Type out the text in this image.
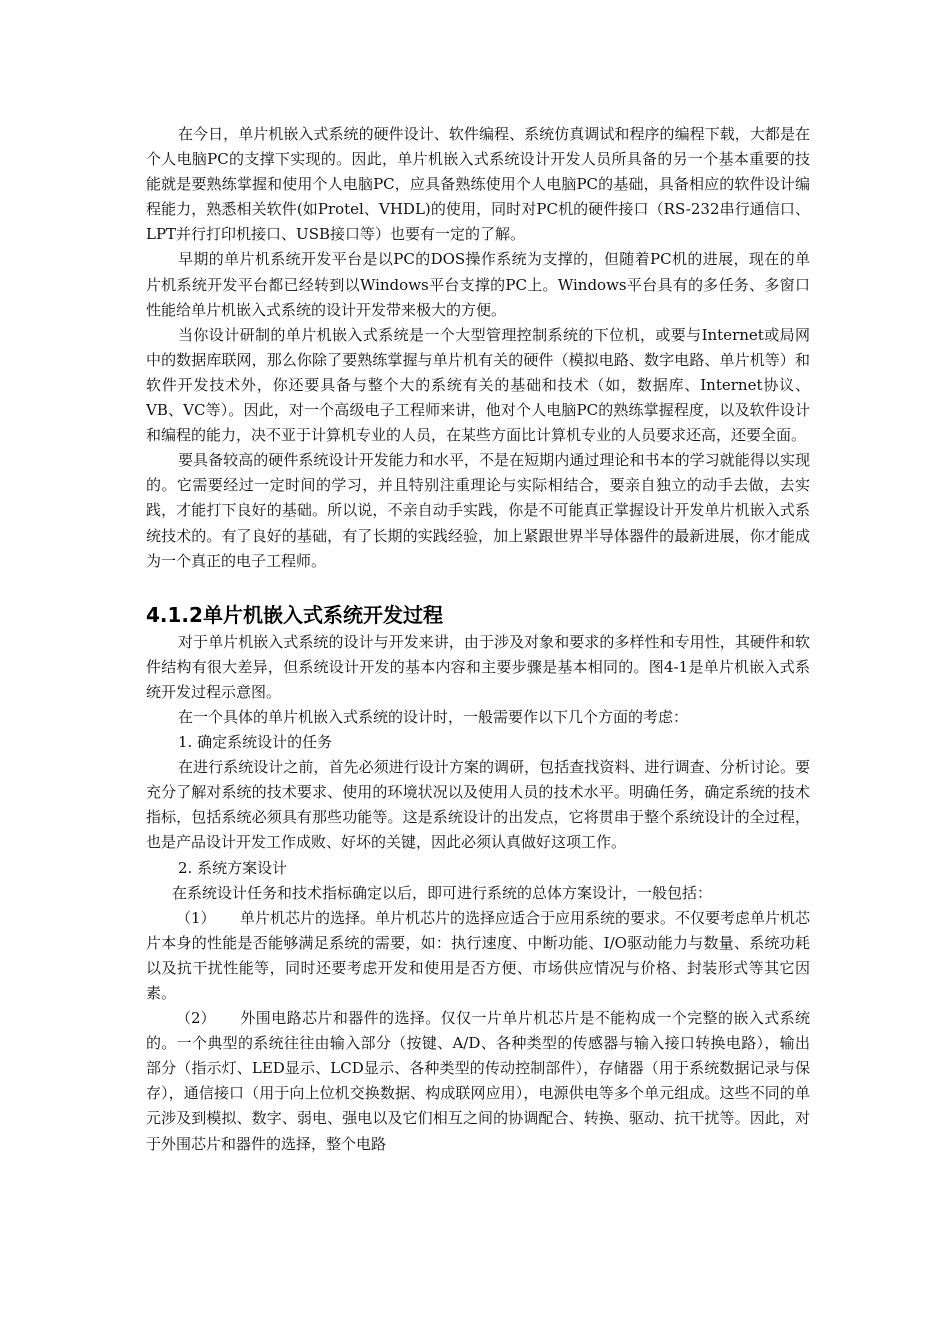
在今日，单片机嵌入式系统的硬件设计、软件编程、系统仿真调试和程序的编程下载，大都是在个人电脑PC的支撑下实现的。因此，单片机嵌入式系统设计开发人员所具备的另一个基本重要的技能就是要熟练掌握和使用个人电脑PC，应具备熟练使用个人电脑PC的基础，具备相应的软件设计编程能力，熟悉相关软件(如Protel、VHDL)的使用，同时对PC机的硬件接口（RS-232串行通信口、LPT并行打印机接口、USB接口等）也要有一定的了解。

早期的单片机系统开发平台是以PC的DOS操作系统为支撑的，但随着PC机的进展，现在的单片机系统开发平台都已经转到以Windows平台支撑的PC上。Windows平台具有的多任务、多窗口性能给单片机嵌入式系统的设计开发带来极大的方便。

当你设计研制的单片机嵌入式系统是一个大型管理控制系统的下位机，或要与Internet或局网中的数据库联网，那么你除了要熟练掌握与单片机有关的硬件（模拟电路、数字电路、单片机等）和软件开发技术外，你还要具备与整个大的系统有关的基础和技术（如，数据库、Internet协议、VB、VC等）。因此，对一个高级电子工程师来讲，他对个人电脑PC的熟练掌握程度，以及软件设计和编程的能力，决不亚于计算机专业的人员，在某些方面比计算机专业的人员要求还高，还要全面。

要具备较高的硬件系统设计开发能力和水平，不是在短期内通过理论和书本的学习就能得以实现的。它需要经过一定时间的学习，并且特别注重理论与实际相结合，要亲自独立的动手去做，去实践，才能打下良好的基础。所以说，不亲自动手实践，你是不可能真正掌握设计开发单片机嵌入式系统技术的。有了良好的基础，有了长期的实践经验，加上紧跟世界半导体器件的最新进展，你才能成为一个真正的电子工程师。

4.1.2单片机嵌入式系统开发过程

对于单片机嵌入式系统的设计与开发来讲，由于涉及对象和要求的多样性和专用性，其硬件和软件结构有很大差异，但系统设计开发的基本内容和主要步骤是基本相同的。图4-1是单片机嵌入式系统开发过程示意图。

在一个具体的单片机嵌入式系统的设计时，一般需要作以下几个方面的考虑：

1. 确定系统设计的任务

在进行系统设计之前，首先必须进行设计方案的调研，包括查找资料、进行调查、分析讨论。要充分了解对系统的技术要求、使用的环境状况以及使用人员的技术水平。明确任务，确定系统的技术指标，包括系统必须具有那些功能等。这是系统设计的出发点，它将贯串于整个系统设计的全过程，也是产品设计开发工作成败、好坏的关键，因此必须认真做好这项工作。

2. 系统方案设计

在系统设计任务和技术指标确定以后，即可进行系统的总体方案设计，一般包括：

（1） 单片机芯片的选择。单片机芯片的选择应适合于应用系统的要求。不仅要考虑单片机芯片本身的性能是否能够满足系统的需要，如：执行速度、中断功能、I/O驱动能力与数量、系统功耗以及抗干扰性能等，同时还要考虑开发和使用是否方便、市场供应情况与价格、封装形式等其它因素。

（2） 外围电路芯片和器件的选择。仅仅一片单片机芯片是不能构成一个完整的嵌入式系统的。一个典型的系统往往由输入部分（按键、A/D、各种类型的传感器与输入接口转换电路），输出部分（指示灯、LED显示、LCD显示、各种类型的传动控制部件），存储器（用于系统数据记录与保存），通信接口（用于向上位机交换数据、构成联网应用），电源供电等多个单元组成。这些不同的单元涉及到模拟、数字、弱电、强电以及它们相互之间的协调配合、转换、驱动、抗干扰等。因此，对于外围芯片和器件的选择，整个电路
